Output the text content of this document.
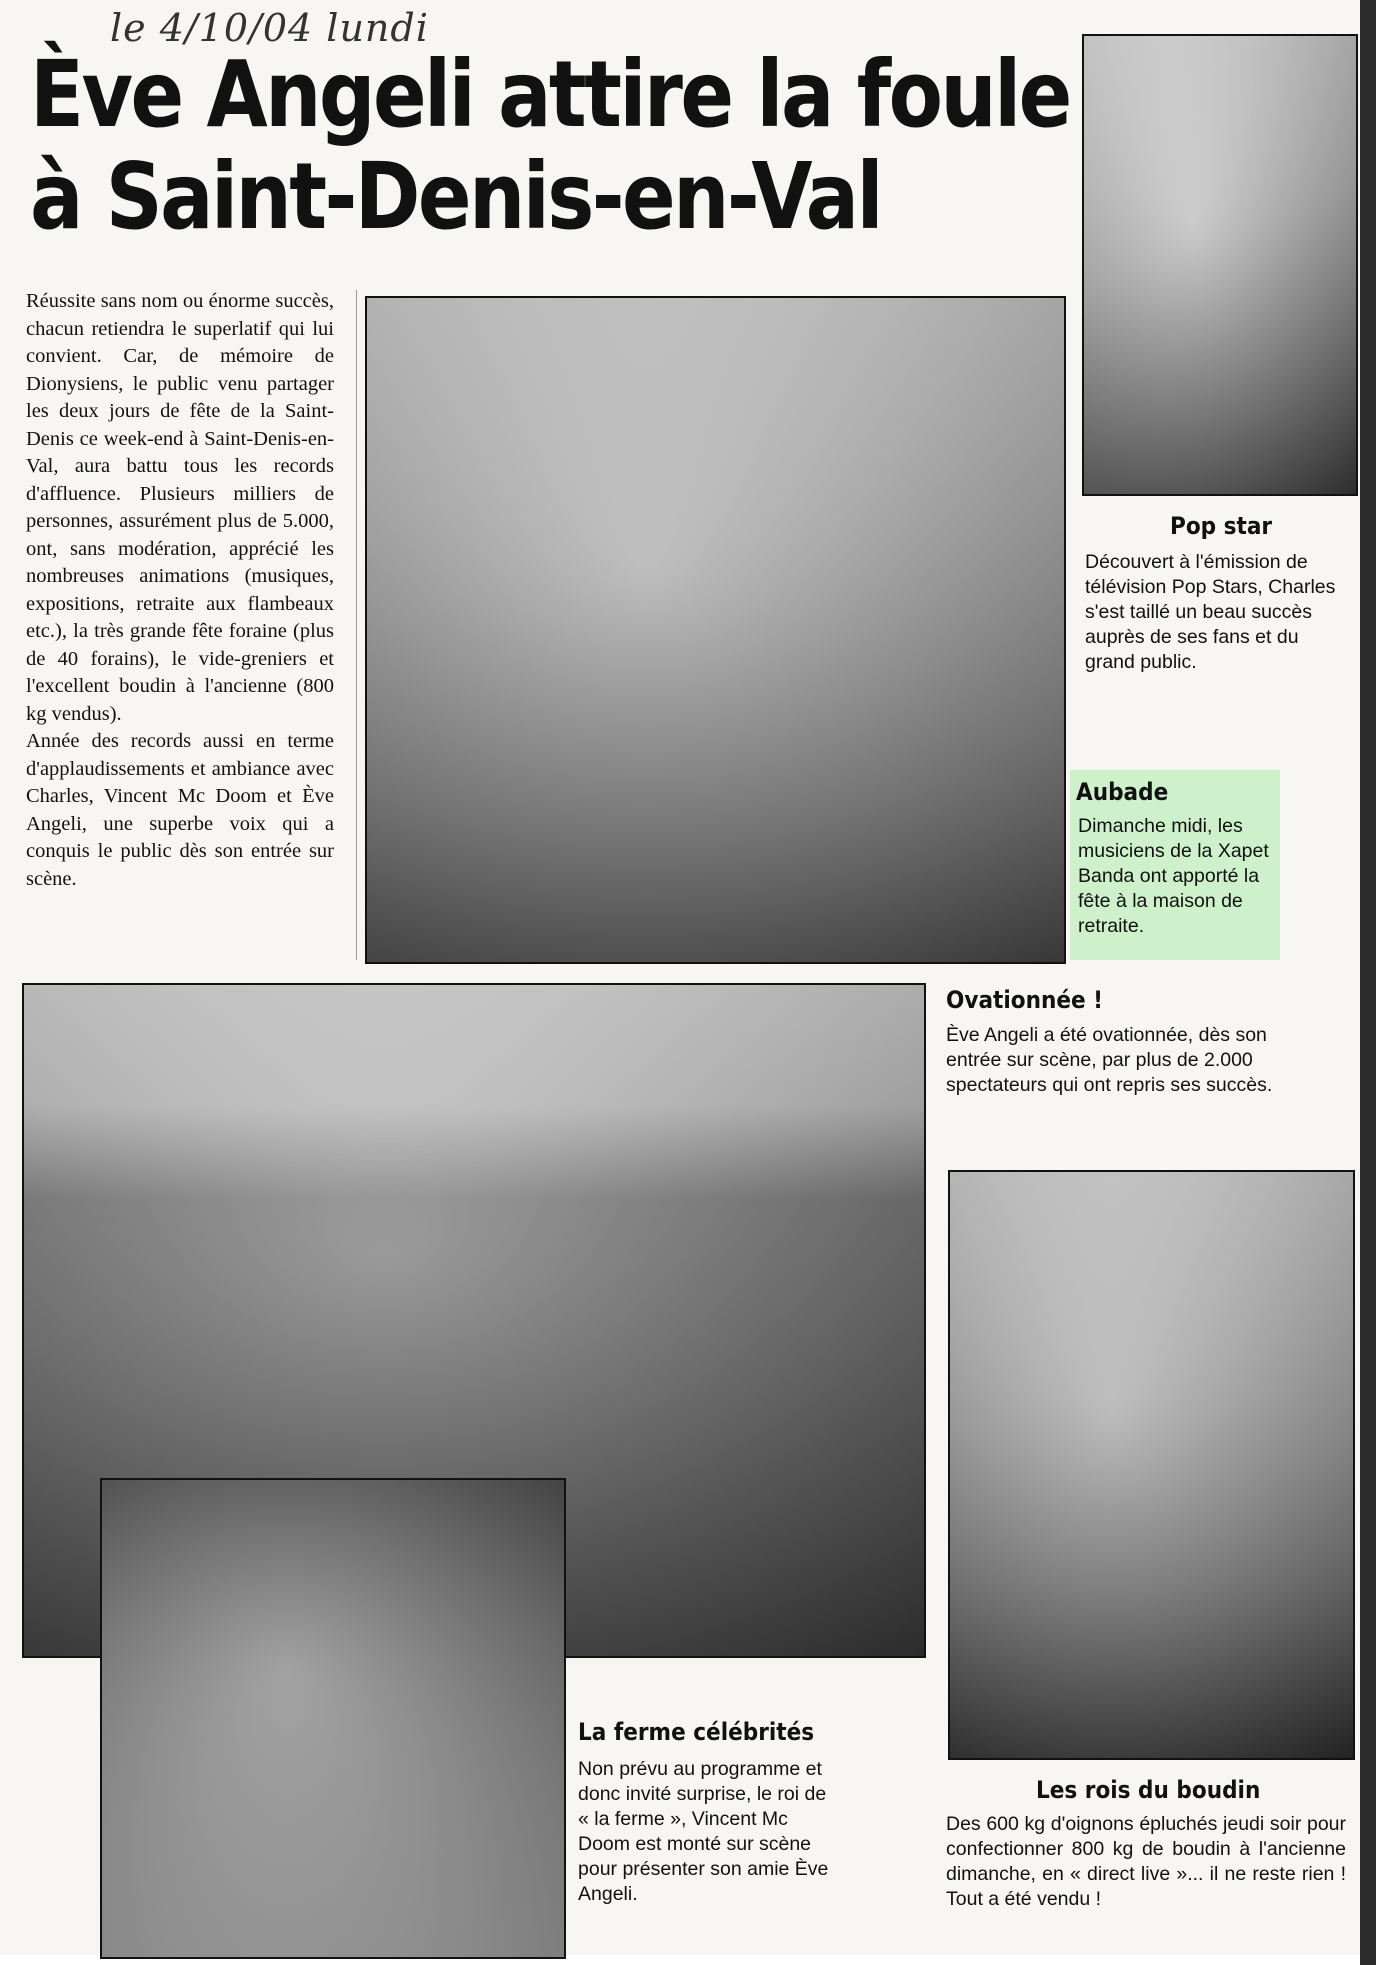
le 4/10/04 lundi
Ève Angeli attire la foule
à Saint-Denis-en-Val

Réussite sans nom ou énorme succès, chacun retiendra le superlatif qui lui convient. Car, de mémoire de Dionysiens, le public venu partager les deux jours de fête de la Saint-Denis ce week-end à Saint-Denis-en-Val, aura battu tous les records d'affluence. Plusieurs milliers de personnes, assurément plus de 5.000, ont, sans modération, apprécié les nombreuses animations (musiques, expositions, retraite aux flambeaux etc.), la très grande fête foraine (plus de 40 forains), le vide-greniers et l'excellent boudin à l'ancienne (800 kg vendus).

Année des records aussi en terme d'applaudissements et ambiance avec Charles, Vincent Mc Doom et Ève Angeli, une superbe voix qui a conquis le public dès son entrée sur scène.

Pop star
Découvert à l'émission de télévision Pop Stars, Charles s'est taillé un beau succès auprès de ses fans et du grand public.
Aubade
Dimanche midi, les musiciens de la Xapet Banda ont apporté la fête à la maison de retraite.
Ovationnée !
Ève Angeli a été ovationnée, dès son entrée sur scène, par plus de 2.000 spectateurs qui ont repris ses succès.
La ferme célébrités
Non prévu au programme et donc invité surprise, le roi de « la ferme », Vincent Mc Doom est monté sur scène pour présenter son amie Ève Angeli.
Les rois du boudin
Des 600 kg d'oignons épluchés jeudi soir pour confectionner 800 kg de boudin à l'ancienne dimanche, en « direct live »... il ne reste rien ! Tout a été vendu !
